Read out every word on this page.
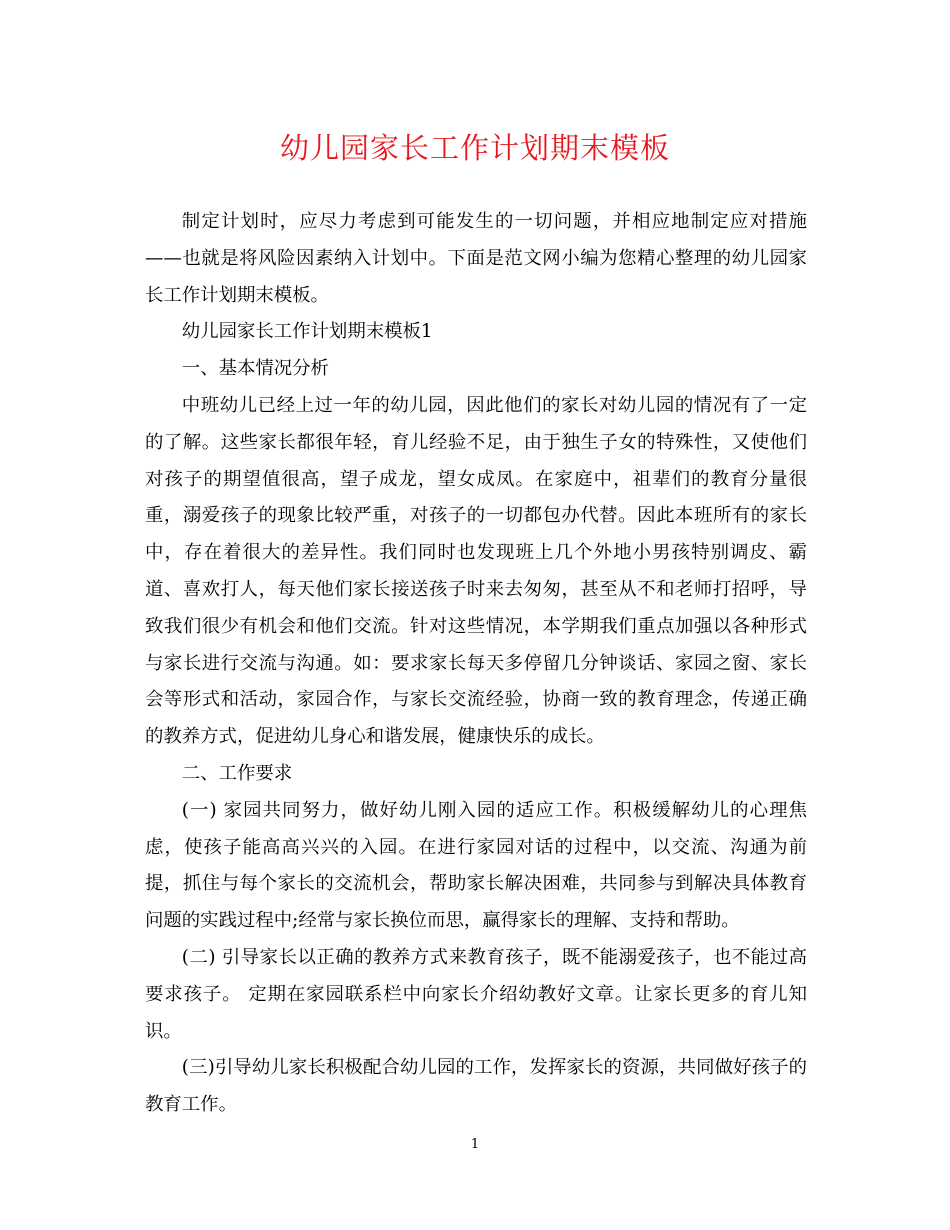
幼儿园家长工作计划期末模板

制定计划时，应尽力考虑到可能发生的一切问题，并相应地制定应对措施——也就是将风险因素纳入计划中。下面是范文网小编为您精心整理的幼儿园家长工作计划期末模板。

幼儿园家长工作计划期末模板1

一、基本情况分析

中班幼儿已经上过一年的幼儿园，因此他们的家长对幼儿园的情况有了一定的了解。这些家长都很年轻，育儿经验不足，由于独生子女的特殊性，又使他们对孩子的期望值很高，望子成龙，望女成凤。在家庭中，祖辈们的教育分量很重，溺爱孩子的现象比较严重，对孩子的一切都包办代替。因此本班所有的家长中，存在着很大的差异性。我们同时也发现班上几个外地小男孩特别调皮、霸道、喜欢打人，每天他们家长接送孩子时来去匆匆，甚至从不和老师打招呼，导致我们很少有机会和他们交流。针对这些情况，本学期我们重点加强以各种形式与家长进行交流与沟通。如：要求家长每天多停留几分钟谈话、家园之窗、家长会等形式和活动，家园合作，与家长交流经验，协商一致的教育理念，传递正确的教养方式，促进幼儿身心和谐发展，健康快乐的成长。

二、工作要求

(一) 家园共同努力，做好幼儿刚入园的适应工作。积极缓解幼儿的心理焦虑，使孩子能高高兴兴的入园。在进行家园对话的过程中，以交流、沟通为前提，抓住与每个家长的交流机会，帮助家长解决困难，共同参与到解决具体教育问题的实践过程中;经常与家长换位而思，赢得家长的理解、支持和帮助。

(二) 引导家长以正确的教养方式来教育孩子，既不能溺爱孩子，也不能过高要求孩子。 定期在家园联系栏中向家长介绍幼教好文章。让家长更多的育儿知识。

(三)引导幼儿家长积极配合幼儿园的工作，发挥家长的资源，共同做好孩子的教育工作。

1
